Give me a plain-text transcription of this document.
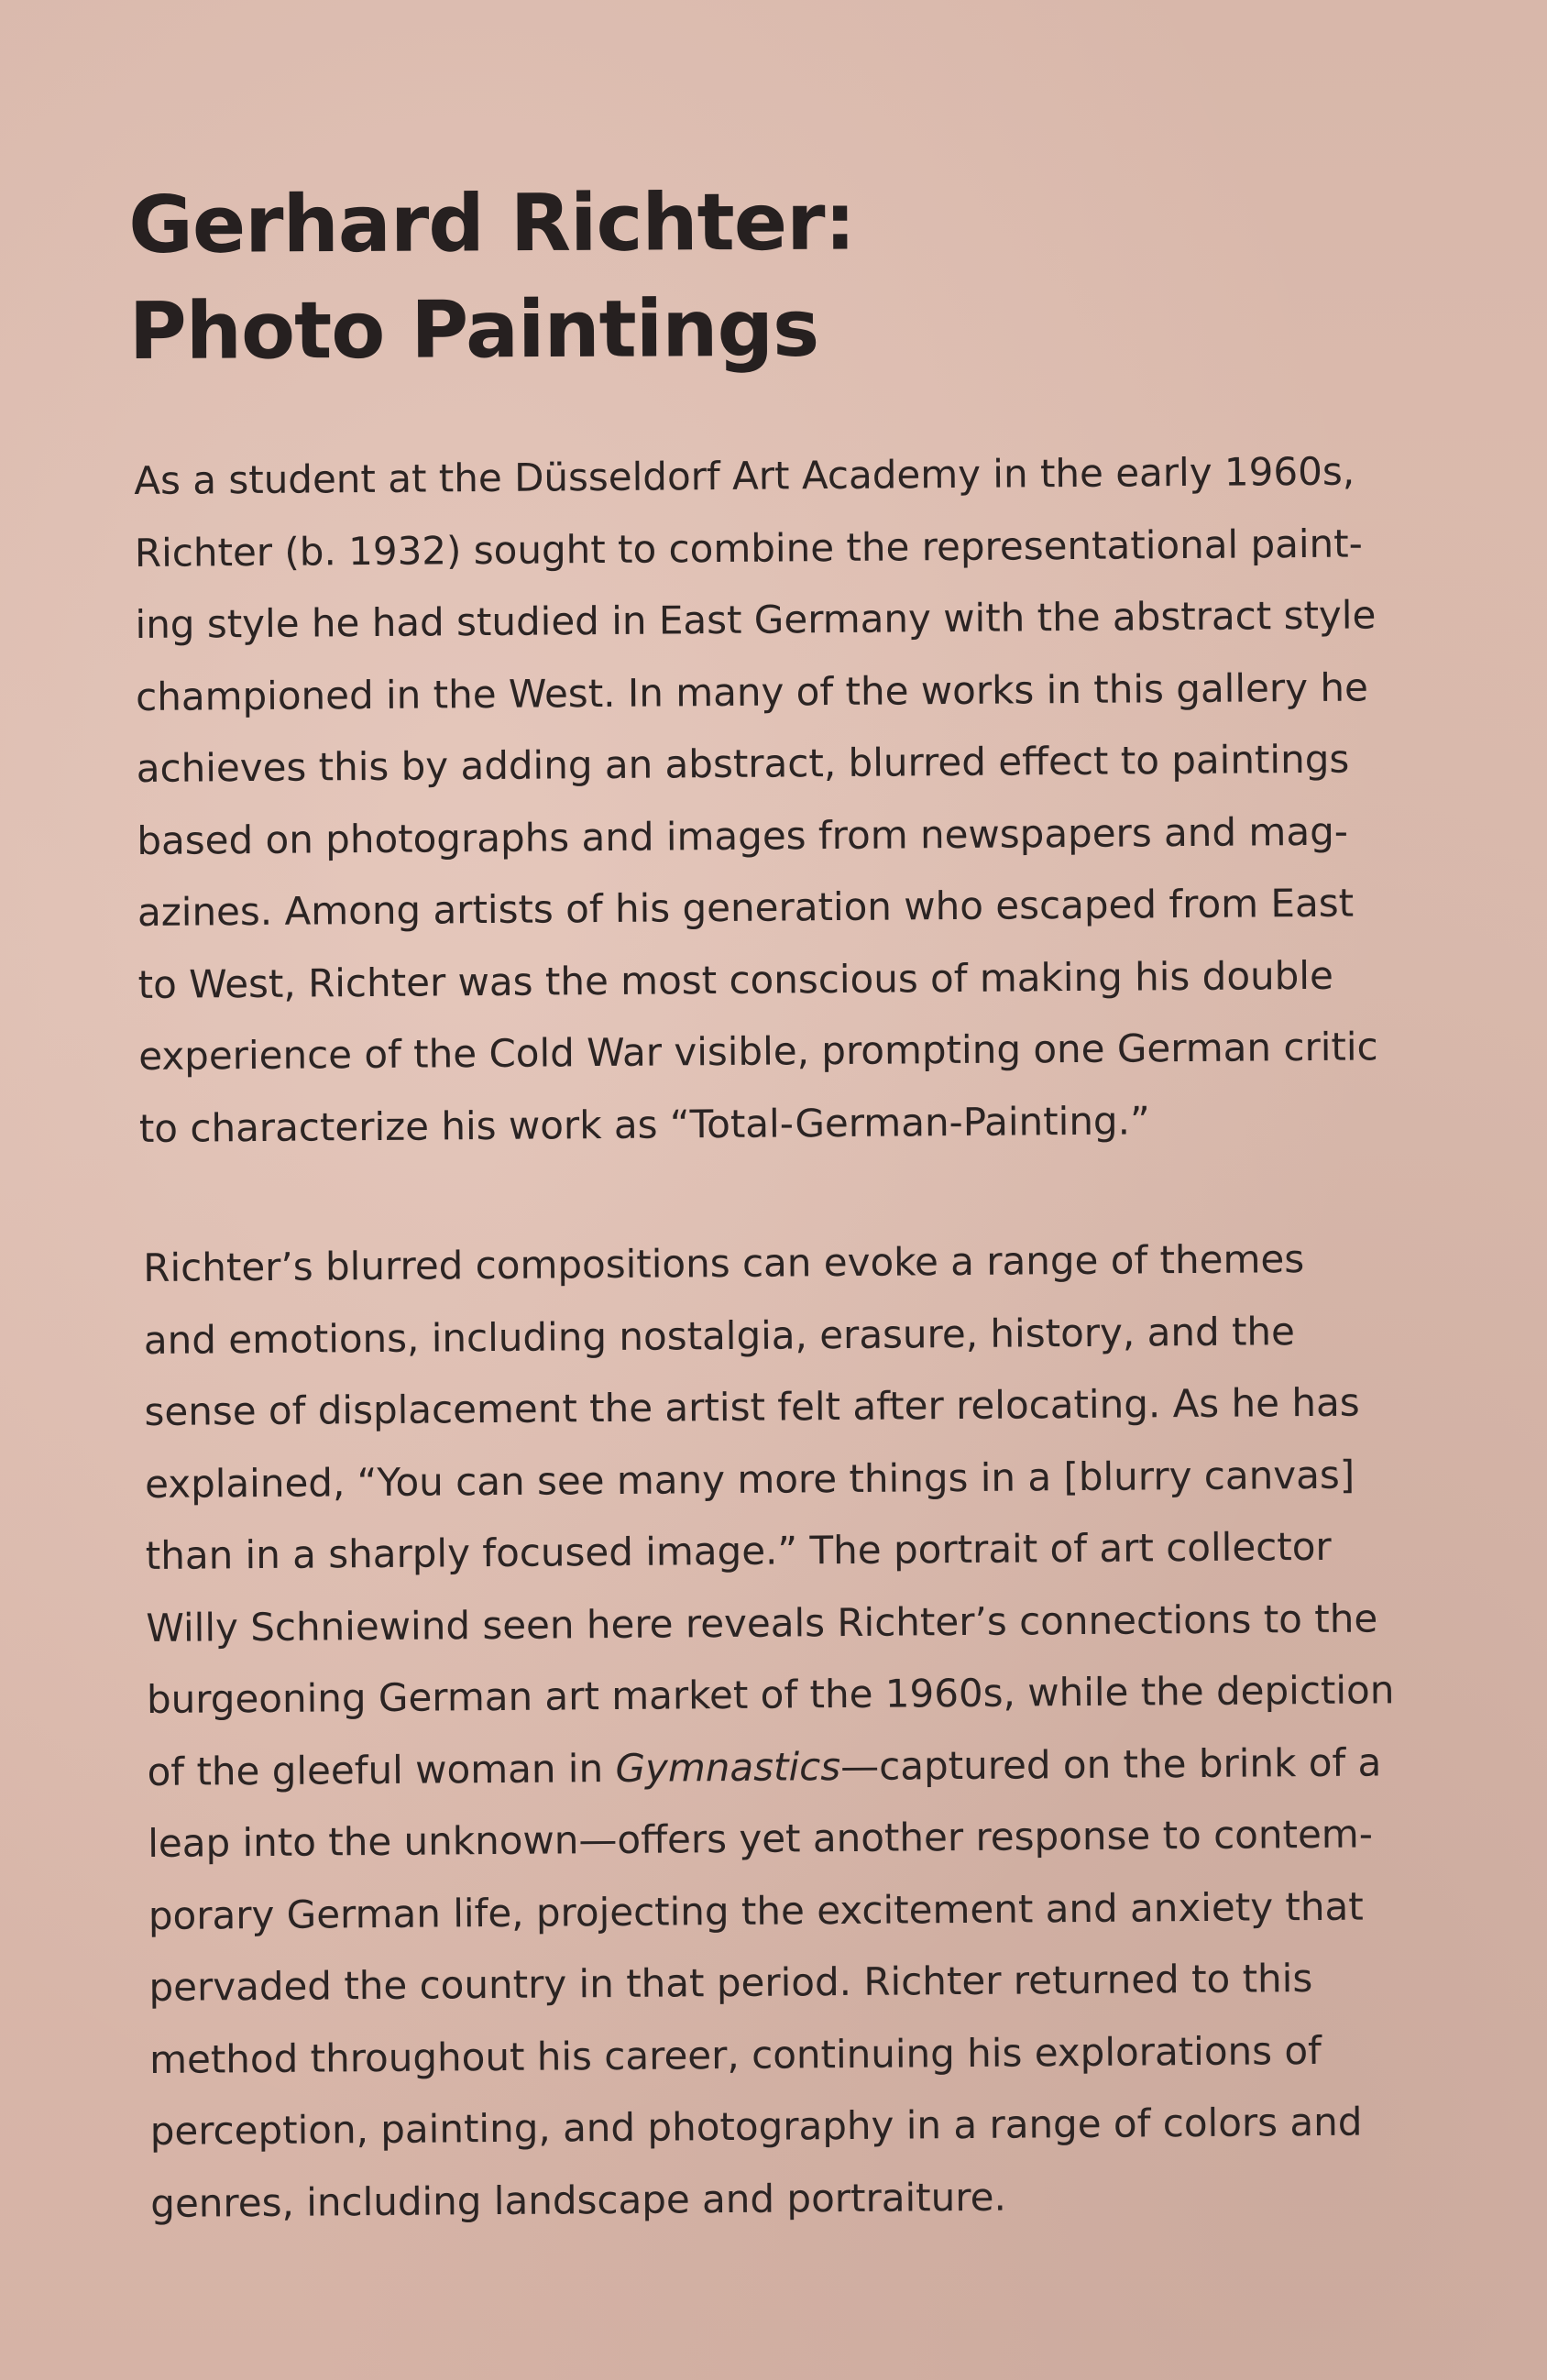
Gerhard Richter:
Photo Paintings

As a student at the Düsseldorf Art Academy in the early 1960s,
Richter (b. 1932) sought to combine the representational paint-
ing style he had studied in East Germany with the abstract style
championed in the West. In many of the works in this gallery he
achieves this by adding an abstract, blurred effect to paintings
based on photographs and images from newspapers and mag-
azines. Among artists of his generation who escaped from East
to West, Richter was the most conscious of making his double
experience of the Cold War visible, prompting one German critic
to characterize his work as “Total-German-Painting.”

Richter’s blurred compositions can evoke a range of themes
and emotions, including nostalgia, erasure, history, and the
sense of displacement the artist felt after relocating. As he has
explained, “You can see many more things in a [blurry canvas]
than in a sharply focused image.” The portrait of art collector
Willy Schniewind seen here reveals Richter’s connections to the
burgeoning German art market of the 1960s, while the depiction
of the gleeful woman in Gymnastics—captured on the brink of a
leap into the unknown—offers yet another response to contem-
porary German life, projecting the excitement and anxiety that
pervaded the country in that period. Richter returned to this
method throughout his career, continuing his explorations of
perception, painting, and photography in a range of colors and
genres, including landscape and portraiture.
